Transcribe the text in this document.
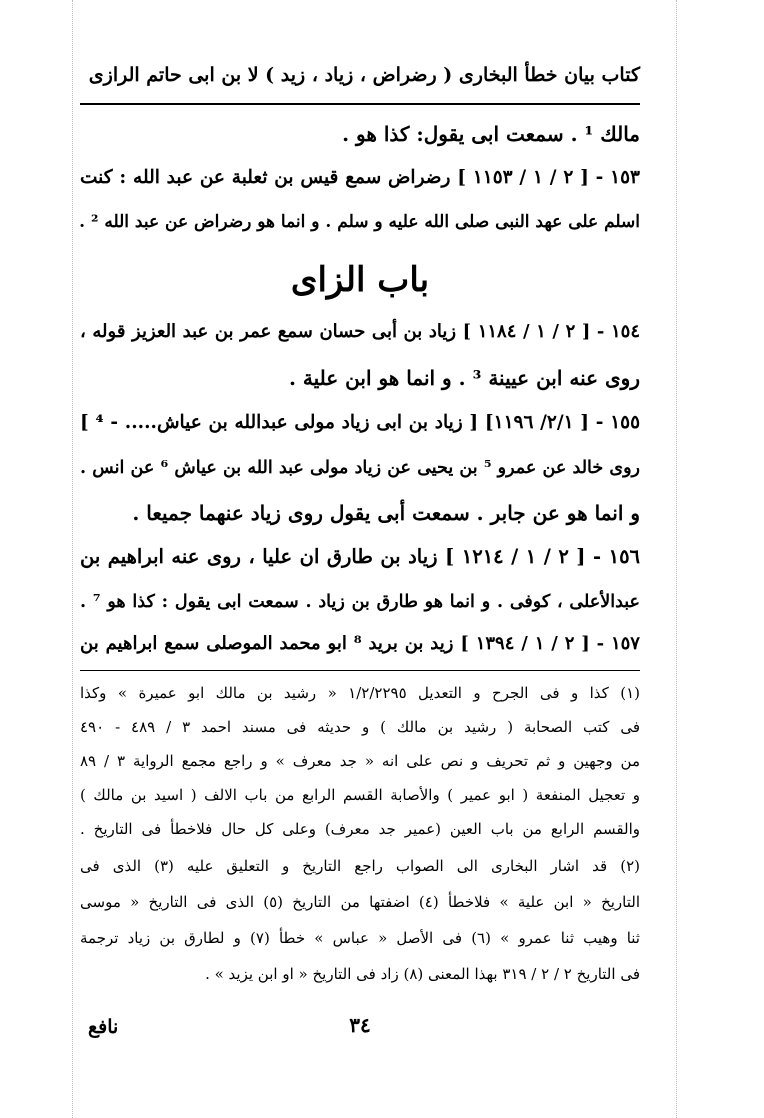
كتاب بيان خطأ البخارى ( رضراض ، زياد ، زيد ) لا بن ابى حاتم الرازى
مالك ¹ . سمعت ابى يقول: كذا هو .
١٥٣ - [ ٢ / ١ / ١١٥٣ ] رضراض سمع قيس بن ثعلبة عن عبد الله : كنت
اسلم على عهد النبى صلى الله عليه و سلم . و انما هو رضراض عن عبد الله ² .
باب الزاى
١٥٤ - [ ٢ / ١ / ١١٨٤ ] زياد بن أبى حسان سمع عمر بن عبد العزيز قوله ،
روى عنه ابن عيينة ³ . و انما هو ابن علية .
١٥٥ - [ ٢/١/ ١١٩٦] [ زياد بن ابى زياد مولى عبدالله بن عياش..... - ⁴ ]
روى خالد عن عمرو ⁵ بن يحيى عن زياد مولى عبد الله بن عياش ⁶ عن انس .
و انما هو عن جابر . سمعت أبى يقول روى زياد عنهما جميعا .
١٥٦ - [ ٢ / ١ / ١٢١٤ ] زياد بن طارق ان عليا ، روى عنه ابراهيم بن
عبدالأعلى ، كوفى . و انما هو طارق بن زياد . سمعت ابى يقول : كذا هو ⁷ .
١٥٧ - [ ٢ / ١ / ١٣٩٤ ] زيد بن بريد ⁸ ابو محمد الموصلى سمع ابراهيم بن
(١) كذا و فى الجرح و التعديل ١/٢/٢٢٩٥ « رشيد بن مالك ابو عميرة » وكذا
فى كتب الصحابة ( رشيد بن مالك ) و حديثه فى مسند احمد ٣ / ٤٨٩ - ٤٩٠
من وجهين و ثم تحريف و نص على انه « جد معرف » و راجع مجمع الرواية ٣ / ٨٩
و تعجيل المنفعة ( ابو عمير ) والأصابة القسم الرابع من باب الالف ( اسيد بن مالك )
والقسم الرابع من باب العين (عمير جد معرف) وعلى كل حال فلاخطأ فى التاريخ .
(٢) قد اشار البخارى الى الصواب راجع التاريخ و التعليق عليه (٣) الذى فى
التاريخ « ابن علية » فلاخطأ (٤) اضفتها من التاريخ (٥) الذى فى التاريخ « موسى
ثنا وهيب ثنا عمرو » (٦) فى الأصل « عباس » خطأ (٧) و لطارق بن زياد ترجمة
فى التاريخ ٢ / ٢ / ٣١٩ بهذا المعنى (٨) زاد فى التاريخ « او ابن يزيد » .
٣٤
نافع
